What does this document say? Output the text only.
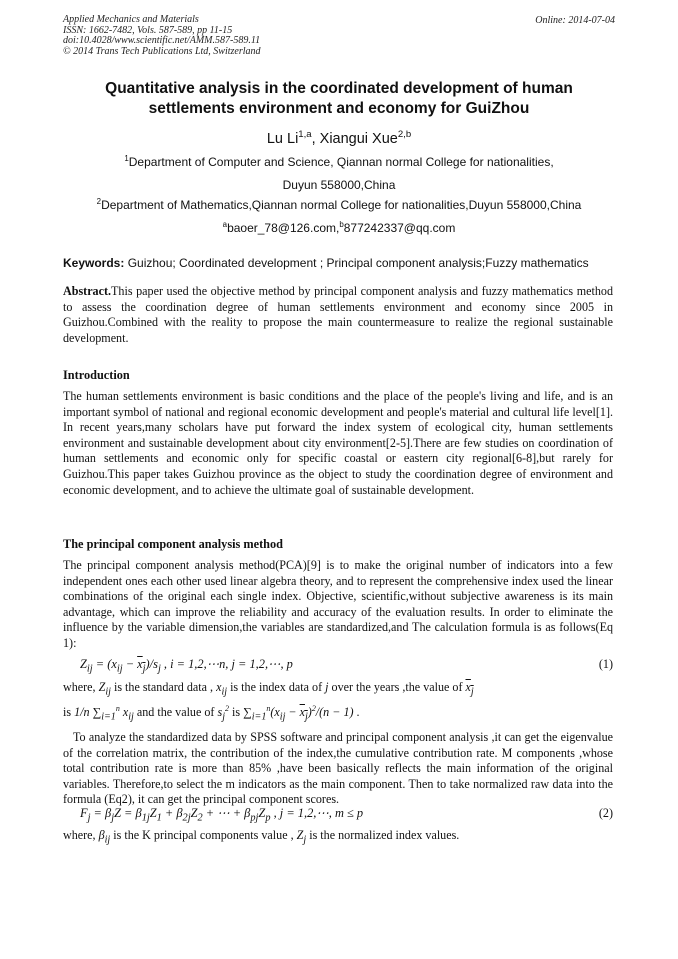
Applied Mechanics and Materials
ISSN: 1662-7482, Vols. 587-589, pp 11-15
doi:10.4028/www.scientific.net/AMM.587-589.11
© 2014 Trans Tech Publications Ltd, Switzerland
Online: 2014-07-04
Quantitative analysis in the coordinated development of human settlements environment and economy for GuiZhou
Lu Li$^{1,a}$, Xiangui Xue$^{2,b}$
$^1$Department of Computer and Science, Qiannan normal College for nationalities,
Duyun 558000,China
$^2$Department of Mathematics,Qiannan normal College for nationalities,Duyun 558000,China
$^a$baoer_78@126.com,$^b$877242337@qq.com
Keywords: Guizhou; Coordinated development ; Principal component analysis;Fuzzy mathematics
Abstract.This paper used the objective method by principal component analysis and fuzzy mathematics method to assess the coordination degree of human settlements environment and economy since 2005 in Guizhou.Combined with the reality to propose the main countermeasure to realize the regional sustainable development.
Introduction
The human settlements environment is basic conditions and the place of the people's living and life, and is an important symbol of national and regional economic development and people's material and cultural life level[1]. In recent years,many scholars have put forward the index system of ecological city, human settlements environment and sustainable development about city environment[2-5].There are few studies on coordination of human settlements and economic only for specific coastal or eastern city regional[6-8],but rarely for Guizhou.This paper takes Guizhou province as the object to study the coordination degree of environment and economic development, and to achieve the ultimate goal of sustainable development.
The principal component analysis method
The principal component analysis method(PCA)[9] is to make the original number of indicators into a few independent ones each other used linear algebra theory, and to represent the comprehensive index used the linear combinations of the original each single index. Objective, scientific,without subjective awareness is its main advantage, which can improve the reliability and accuracy of the evaluation results. In order to eliminate the influence by the variable dimension,the variables are standardized,and The calculation formula is as follows(Eq 1):
$Z_{ij} = (x_{ij} - x_j)/s_j$ , i = 1,2,⋯n, j = 1,2,⋯, p	(1)
where, $Z_{ij}$ is the standard data , $x_{ij}$ is the index data of j over the years ,the value of $x_j$
is 1/n $\sum_{i=1}^n$ $x_{ij}$ and the value of $s_j^2$ is $\sum_{i=1}^n(x_{ij} - x_j)^2/(n - 1)$ .
To analyze the standardized data by SPSS software and principal component analysis ,it can get the eigenvalue of the correlation matrix, the contribution of the index,the cumulative contribution rate. M components ,whose total contribution rate is more than 85% ,have been basically reflects the main information of the original variables. Therefore,to select the m indicators as the main component. Then to take normalized raw data into the formula (Eq2), it can get the principal component scores.
$F_j = \beta_jZ = \beta_{1j}Z_1 + \beta_{2j}Z_2$ + ⋯ + $\beta_{pj}Z_p$ , j = 1,2,⋯, m ≤ p	(2)
where, $\beta_{ij}$ is the K principal components value , $Z_j$ is the normalized index values.
